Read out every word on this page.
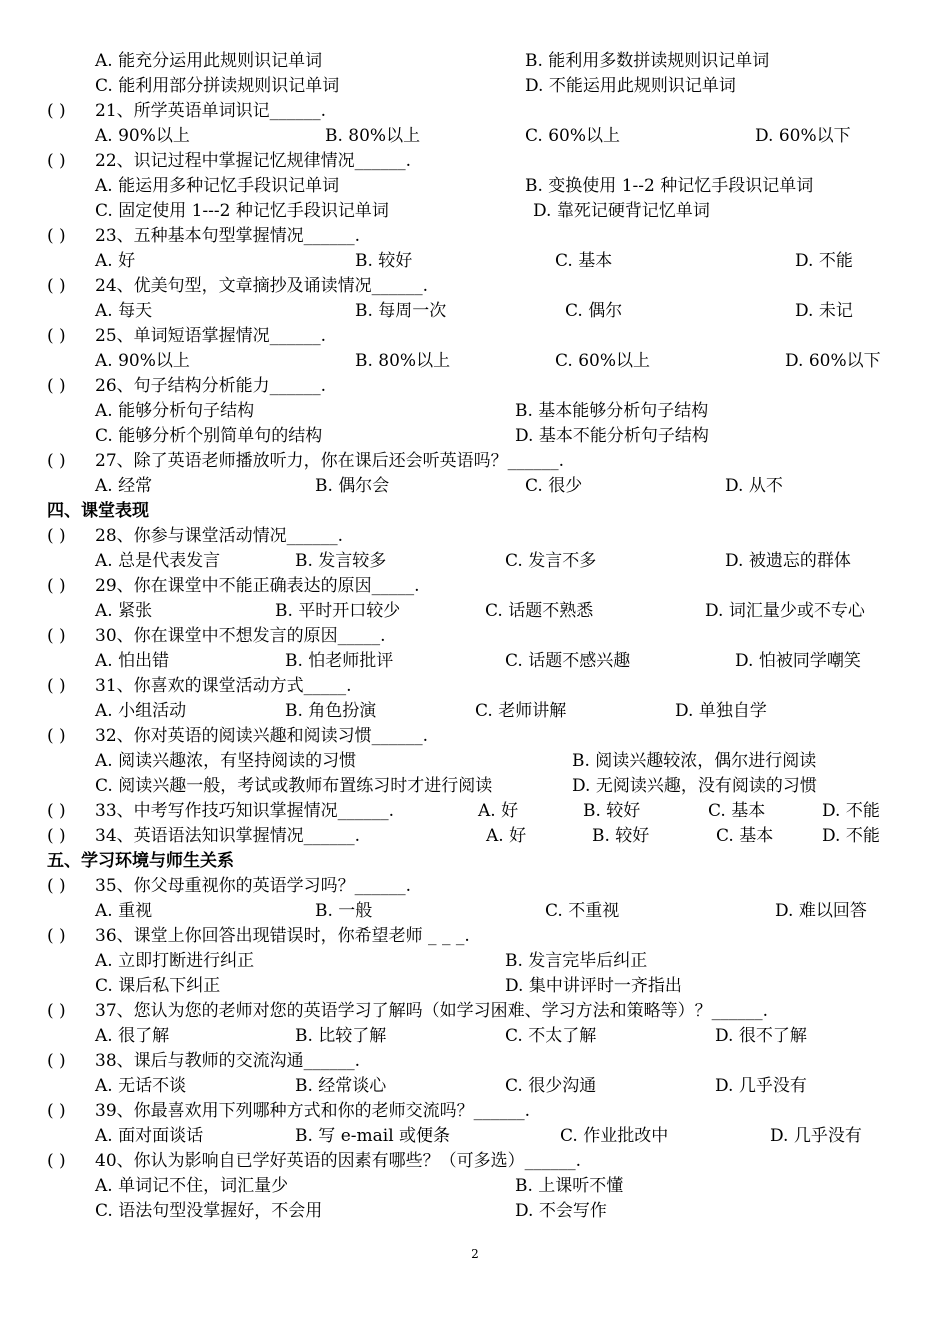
A. 能充分运用此规则识记单词	B. 能利用多数拼读规则识记单词
C. 能利用部分拼读规则识记单词	D. 不能运用此规则识记单词
( ) 21、所学英语单词识记______.
A. 90%以上	B. 80%以上	C. 60%以上	D. 60%以下
( ) 22、识记过程中掌握记忆规律情况______.
A. 能运用多种记忆手段识记单词	B. 变换使用 1--2 种记忆手段识记单词
C. 固定使用 1---2 种记忆手段识记单词	D. 靠死记硬背记忆单词
( ) 23、五种基本句型掌握情况______.
A. 好	B. 较好	C. 基本	D. 不能
( ) 24、优美句型，文章摘抄及诵读情况______.
A. 每天	B. 每周一次	C. 偶尔	D. 未记
( ) 25、单词短语掌握情况______.
A. 90%以上	B. 80%以上	C. 60%以上	D. 60%以下
( ) 26、句子结构分析能力______.
A. 能够分析句子结构	B. 基本能够分析句子结构
C. 能够分析个别简单句的结构	D. 基本不能分析句子结构
( ) 27、除了英语老师播放听力，你在课后还会听英语吗？______.
A. 经常	B. 偶尔会	C. 很少	D. 从不
四、课堂表现
( ) 28、你参与课堂活动情况______.
A. 总是代表发言	B. 发言较多	C. 发言不多	D. 被遗忘的群体
( ) 29、你在课堂中不能正确表达的原因_____.
A. 紧张	B. 平时开口较少	C. 话题不熟悉	D. 词汇量少或不专心
( ) 30、你在课堂中不想发言的原因_____.
A. 怕出错	B. 怕老师批评	C. 话题不感兴趣	D. 怕被同学嘲笑
( ) 31、你喜欢的课堂活动方式_____.
A. 小组活动	B. 角色扮演	C. 老师讲解	D. 单独自学
( ) 32、你对英语的阅读兴趣和阅读习惯______.
A. 阅读兴趣浓，有坚持阅读的习惯	B. 阅读兴趣较浓，偶尔进行阅读
C. 阅读兴趣一般，考试或教师布置练习时才进行阅读	D. 无阅读兴趣，没有阅读的习惯
( ) 33、中考写作技巧知识掌握情况______.	A. 好	B. 较好	C. 基本	D. 不能
( ) 34、英语语法知识掌握情况______.	A. 好	B. 较好	C. 基本	D. 不能
五、学习环境与师生关系
( ) 35、你父母重视你的英语学习吗？______.
A. 重视	B. 一般	C. 不重视	D. 难以回答
( ) 36、课堂上你回答出现错误时，你希望老师 _ _ _.
A. 立即打断进行纠正	B. 发言完毕后纠正
C. 课后私下纠正	D. 集中讲评时一齐指出
( ) 37、您认为您的老师对您的英语学习了解吗（如学习困难、学习方法和策略等）？______.
A. 很了解	B. 比较了解	C. 不太了解	D. 很不了解
( ) 38、课后与教师的交流沟通______.
A. 无话不谈	B. 经常谈心	C. 很少沟通	D. 几乎没有
( ) 39、你最喜欢用下列哪种方式和你的老师交流吗？______.
A. 面对面谈话	B. 写 e-mail 或便条	C. 作业批改中	D. 几乎没有
( ) 40、你认为影响自已学好英语的因素有哪些？（可多选）______.
A. 单词记不住，词汇量少	B. 上课听不懂
C. 语法句型没掌握好，不会用	D. 不会写作
2
